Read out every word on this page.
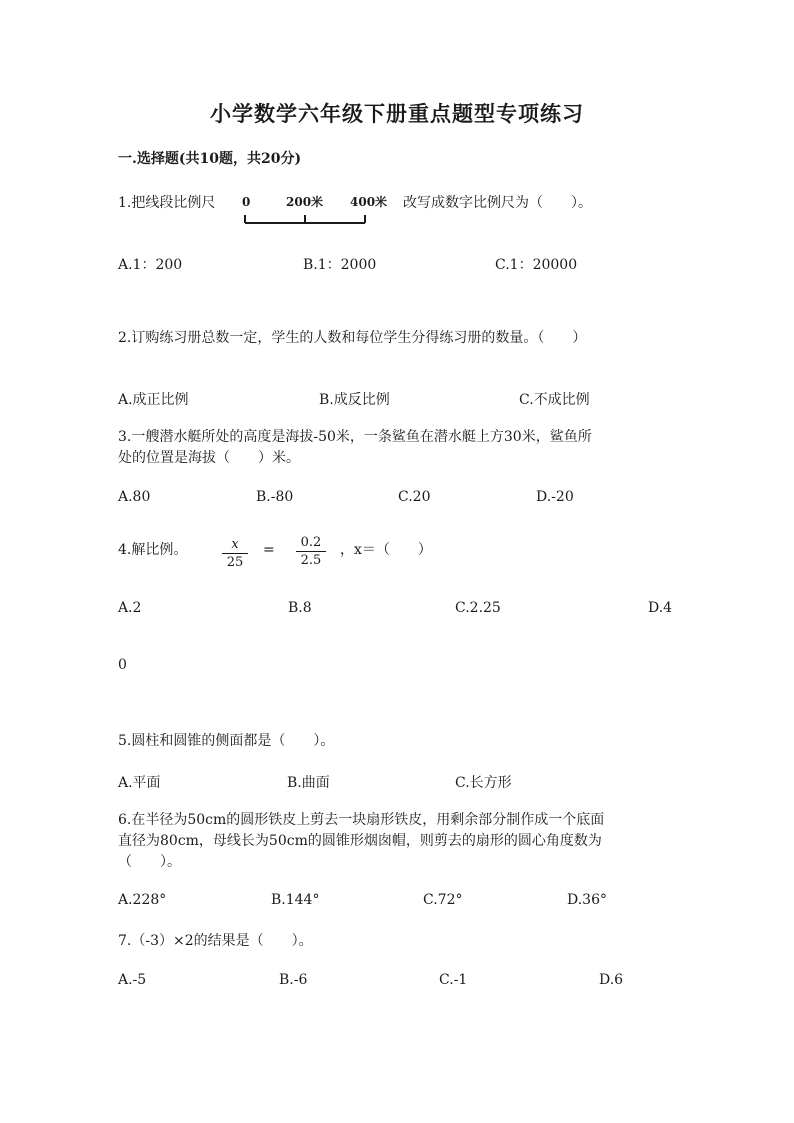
小学数学六年级下册重点题型专项练习
一.选择题(共10题，共20分)
1.把线段比例尺 0	200米 400米 改写成数字比例尺为（　　）。
A.1：200	B.1：2000	C.1：20000
2.订购练习册总数一定，学生的人数和每位学生分得练习册的数量。（　　）
A.成正比例	B.成反比例	C.不成比例
3.一艘潜水艇所处的高度是海拔-50米，一条鲨鱼在潜水艇上方30米，鲨鱼所
处的位置是海拔（　　）米。
A.80	B.-80	C.20	D.-20
4.解比例。	x
25
=	0.2
2.5
，x＝（　　）
A.2	B.8	C.2.25	D.4
0
5.圆柱和圆锥的侧面都是（　　）。
A.平面	B.曲面	C.长方形
6.在半径为50cm的圆形铁皮上剪去一块扇形铁皮，用剩余部分制作成一个底面
直径为80cm，母线长为50cm的圆锥形烟囱帽，则剪去的扇形的圆心角度数为
（　　）。
A.228°	B.144°	C.72°	D.36°
7.（-3）×2的结果是（　　）。
A.-5	B.-6	C.-1	D.6
